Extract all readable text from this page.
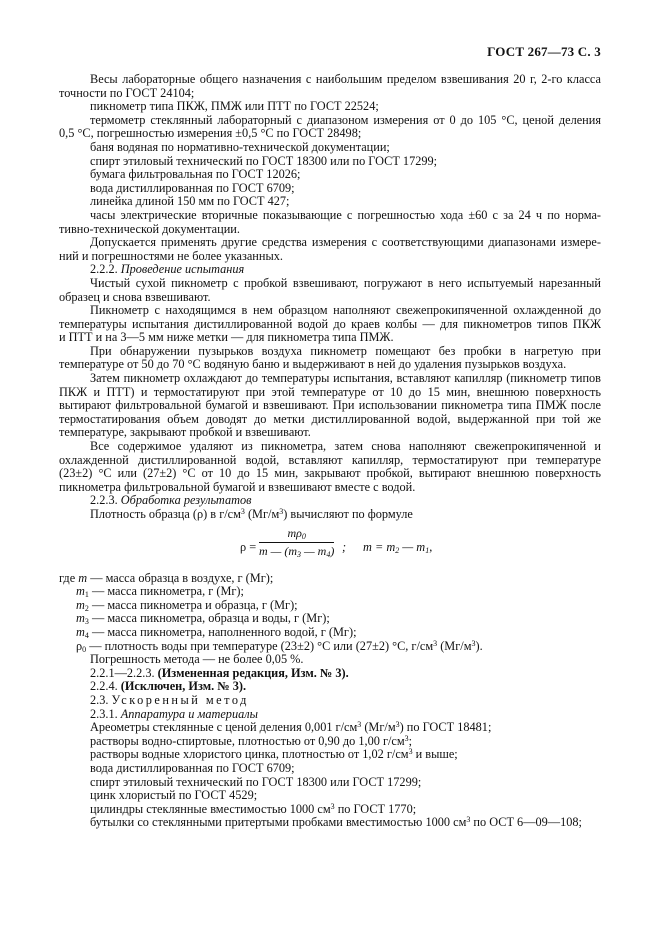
ГОСТ 267—73 С. 3
Весы лабораторные общего назначения с наибольшим пределом взвешивания 20 г, 2-го класса
точности по ГОСТ 24104;
пикнометр типа ПКЖ, ПМЖ или ПТТ по ГОСТ 22524;
термометр стеклянный лабораторный с диапазоном измерения от 0 до 105 °С, ценой деления
0,5 °С, погрешностью измерения ±0,5 °С по ГОСТ 28498;
баня водяная по нормативно-технической документации;
спирт этиловый технический по ГОСТ 18300 или по ГОСТ 17299;
бумага фильтровальная по ГОСТ 12026;
вода дистиллированная по ГОСТ 6709;
линейка длиной 150 мм по ГОСТ 427;
часы электрические вторичные показывающие с погрешностью хода ±60 с за 24 ч по норма-
тивно-технической документации.
Допускается применять другие средства измерения с соответствующими диапазонами измере-
ний и погрешностями не более указанных.
2.2.2. Проведение испытания
Чистый сухой пикнометр с пробкой взвешивают, погружают в него испытуемый нарезанный
образец и снова взвешивают.
Пикнометр с находящимся в нем образцом наполняют свежепрокипяченной охлажденной до
температуры испытания дистиллированной водой до краев колбы — для пикнометров типов ПКЖ
и ПТТ и на 3—5 мм ниже метки — для пикнометра типа ПМЖ.
При обнаружении пузырьков воздуха пикнометр помещают без пробки в нагретую при
температуре от 50 до 70 °С водяную баню и выдерживают в ней до удаления пузырьков воздуха.
Затем пикнометр охлаждают до температуры испытания, вставляют капилляр (пикнометр типов
ПКЖ и ПТТ) и термостатируют при этой температуре от 10 до 15 мин, внешнюю поверхность
вытирают фильтровальной бумагой и взвешивают. При использовании пикнометра типа ПМЖ после
термостатирования объем доводят до метки дистиллированной водой, выдержанной при той же
температуре, закрывают пробкой и взвешивают.
Все содержимое удаляют из пикнометра, затем снова наполняют свежепрокипяченной и
охлажденной дистиллированной водой, вставляют капилляр, термостатируют при температуре
(23±2) °С или (27±2) °С от 10 до 15 мин, закрывают пробкой, вытирают внешнюю поверхность
пикнометра фильтровальной бумагой и взвешивают вместе с водой.
2.2.3. Обработка результатов
Плотность образца (ρ) в $г/см^3$ $(Мг/м^3)$ вычисляют по формуле
$\rho = \frac{m\rho_0}{m — (m_3 — m_4)}$ ; $m = m_2$ — $m_1$,
где m — масса образца в воздухе, г (Мг);
$m_1$ — масса пикнометра, г (Мг);
$m_2$ — масса пикнометра и образца, г (Мг);
$m_3$ — масса пикнометра, образца и воды, г (Мг);
$m_4$ — масса пикнометра, наполненного водой, г (Мг);
$\rho_0$ — плотность воды при температуре (23±2) °С или (27±2) °С, $г/см^3$ $(Мг/м^3)$.
Погрешность метода — не более 0,05 %.
2.2.1—2.2.3. (Измененная редакция, Изм. № 3).
2.2.4. (Исключен, Изм. № 3).
2.3. Ускоренный метод
2.3.1. Аппаратура и материалы
Ареометры стеклянные с ценой деления 0,001 $г/см^3$ $(Мг/м^3)$ по ГОСТ 18481;
растворы водно-спиртовые, плотностью от 0,90 до 1,00 $г/см^3$;
растворы водные хлористого цинка, плотностью от 1,02 $г/см^3$ и выше;
вода дистиллированная по ГОСТ 6709;
спирт этиловый технический по ГОСТ 18300 или ГОСТ 17299;
цинк хлористый по ГОСТ 4529;
цилиндры стеклянные вместимостью 1000 $см^3$ по ГОСТ 1770;
бутылки со стеклянными притертыми пробками вместимостью 1000 $см^3$ по ОСТ 6—09—108;
